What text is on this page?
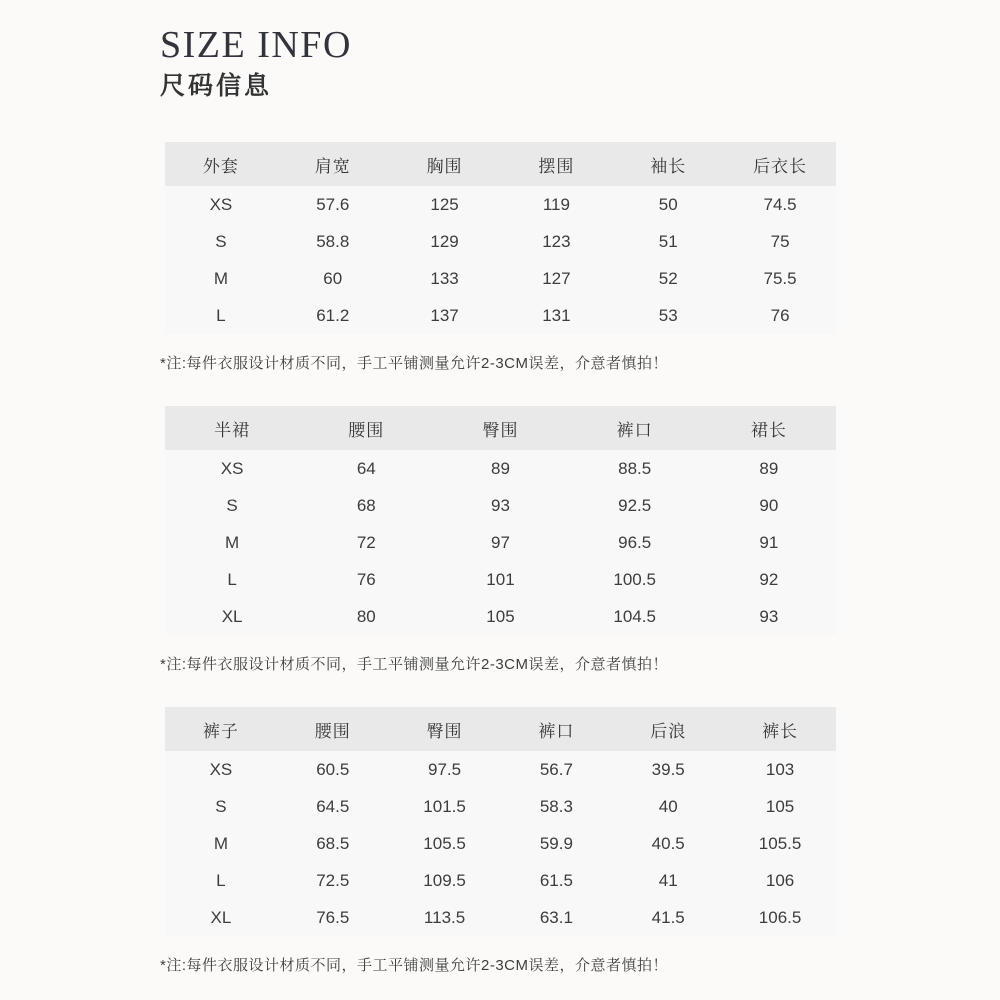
SIZE INFO
尺码信息
外套	肩宽	胸围	摆围	袖长	后衣长
XS	57.6	125	119	50	74.5
S	58.8	129	123	51	75
M	60	133	127	52	75.5
L	61.2	137	131	53	76

*注:每件衣服设计材质不同，手工平铺测量允许2-3CM误差，介意者慎拍！

半裙	腰围	臀围	裤口	裙长
XS	64	89	88.5	89
S	68	93	92.5	90
M	72	97	96.5	91
L	76	101	100.5	92
XL	80	105	104.5	93

*注:每件衣服设计材质不同，手工平铺测量允许2-3CM误差，介意者慎拍！

裤子	腰围	臀围	裤口	后浪	裤长
XS	60.5	97.5	56.7	39.5	103
S	64.5	101.5	58.3	40	105
M	68.5	105.5	59.9	40.5	105.5
L	72.5	109.5	61.5	41	106
XL	76.5	113.5	63.1	41.5	106.5

*注:每件衣服设计材质不同，手工平铺测量允许2-3CM误差，介意者慎拍！
